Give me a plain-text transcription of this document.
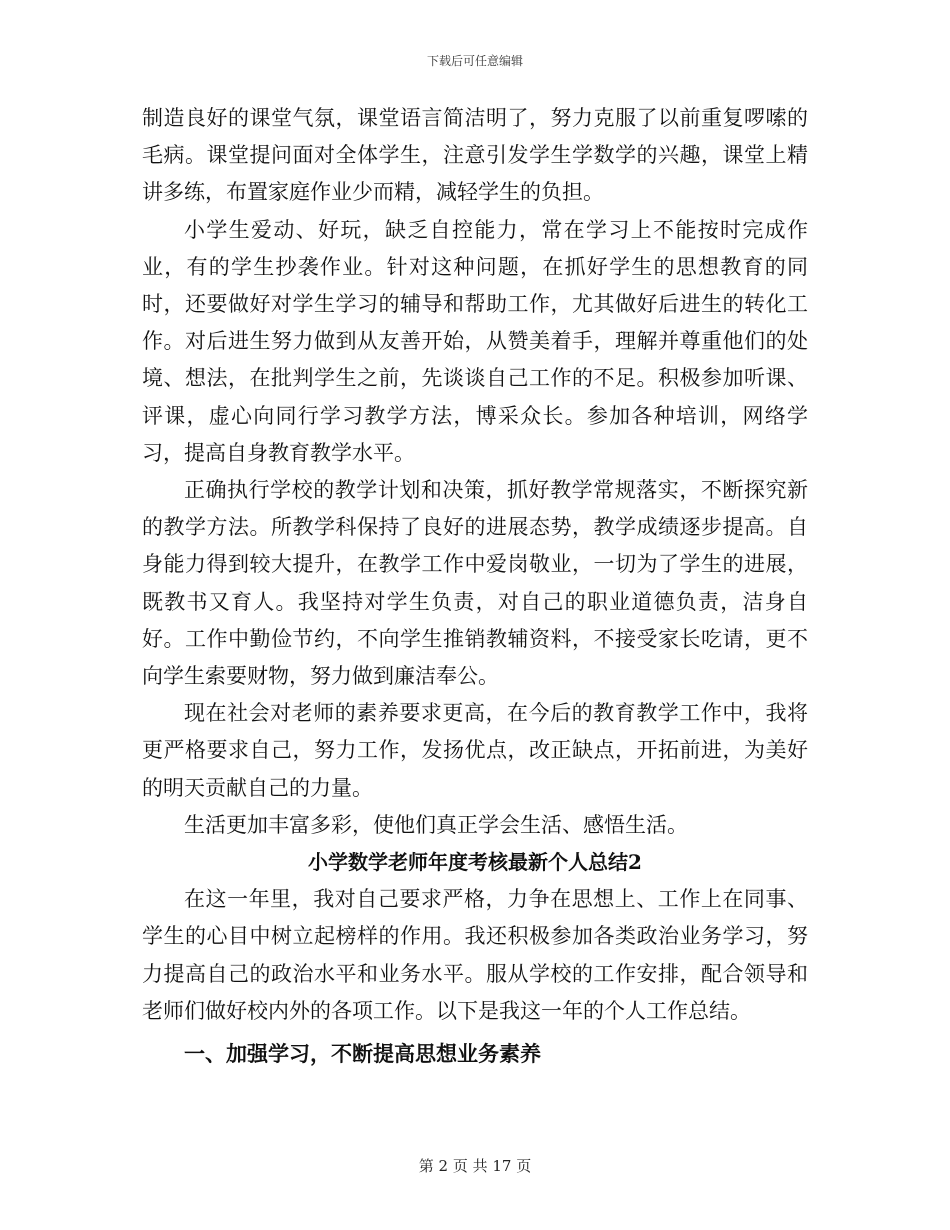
下载后可任意编辑

制造良好的课堂气氛，课堂语言简洁明了，努力克服了以前重复啰嗦的毛病。课堂提问面对全体学生，注意引发学生学数学的兴趣，课堂上精讲多练，布置家庭作业少而精，减轻学生的负担。

小学生爱动、好玩，缺乏自控能力，常在学习上不能按时完成作业，有的学生抄袭作业。针对这种问题，在抓好学生的思想教育的同时，还要做好对学生学习的辅导和帮助工作，尤其做好后进生的转化工作。对后进生努力做到从友善开始，从赞美着手，理解并尊重他们的处境、想法，在批判学生之前，先谈谈自己工作的不足。积极参加听课、评课，虚心向同行学习教学方法，博采众长。参加各种培训，网络学习，提高自身教育教学水平。

正确执行学校的教学计划和决策，抓好教学常规落实，不断探究新的教学方法。所教学科保持了良好的进展态势，教学成绩逐步提高。自身能力得到较大提升，在教学工作中爱岗敬业，一切为了学生的进展，既教书又育人。我坚持对学生负责，对自己的职业道德负责，洁身自好。工作中勤俭节约，不向学生推销教辅资料，不接受家长吃请，更不向学生索要财物，努力做到廉洁奉公。

现在社会对老师的素养要求更高，在今后的教育教学工作中，我将更严格要求自己，努力工作，发扬优点，改正缺点，开拓前进，为美好的明天贡献自己的力量。

生活更加丰富多彩，使他们真正学会生活、感悟生活。

小学数学老师年度考核最新个人总结2

在这一年里，我对自己要求严格，力争在思想上、工作上在同事、学生的心目中树立起榜样的作用。我还积极参加各类政治业务学习，努力提高自己的政治水平和业务水平。服从学校的工作安排，配合领导和老师们做好校内外的各项工作。以下是我这一年的个人工作总结。

一、加强学习，不断提高思想业务素养
第 2 页 共 17 页
